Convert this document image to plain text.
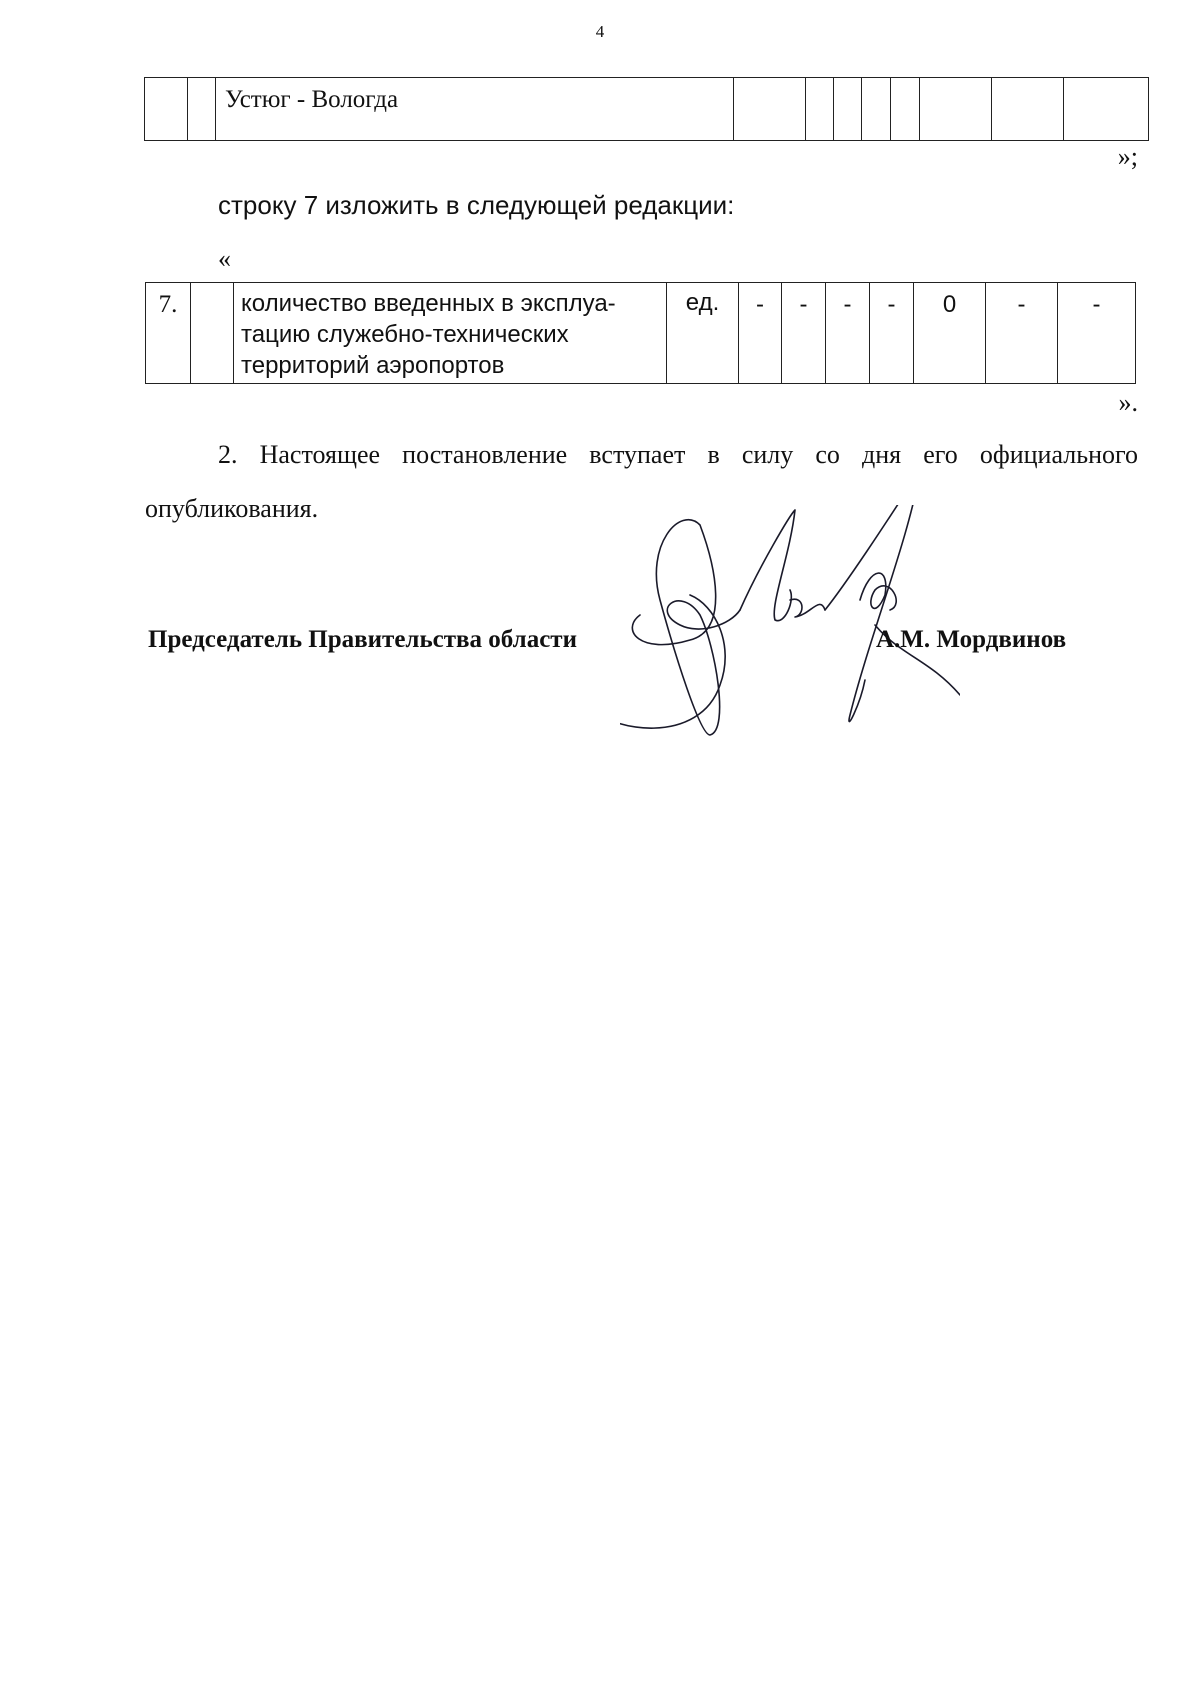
4
		Устюг - Вологда								
»;
строку 7 изложить в следующей редакции:
«
7.		количество введенных в эксплуа-тацию служебно-технических территорий аэропортов	ед.	-	-	-	-	0	-	-
».

2. Настоящее постановление вступает в силу со дня его официального опубликования.

Председатель Правительства области	А.М. Мордвинов
